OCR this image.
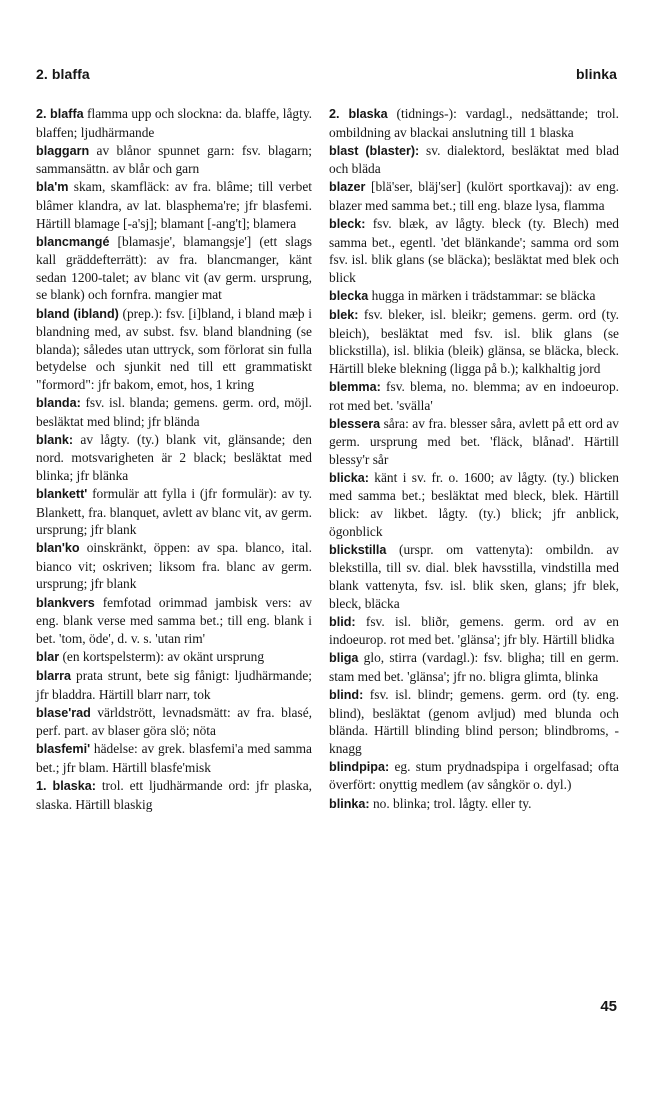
2. blaffa	blinka

2. blaffa flamma upp och slockna: da. blaffe, lågty. blaffen; ljudhärmande

blaggarn av blånor spunnet garn: fsv. blagarn; sammansättn. av blår och garn

bla'm skam, skamfläck: av fra. blâme; till verbet blâmer klandra, av lat. blasphema're; jfr blasfemi. Härtill blamage [-a'sj]; blamant [-ang't]; blamera

blancmangé [blamasje', blamangsje'] (ett slags kall gräddefterrätt): av fra. blancmanger, känt sedan 1200-talet; av blanc vit (av germ. ursprung, se blank) och fornfra. mangier mat

bland (ibland) (prep.): fsv. [i]bland, i bland mæþ i blandning med, av subst. fsv. bland blandning (se blanda); således utan uttryck, som förlorat sin fulla betydelse och sjunkit ned till ett grammatiskt "formord": jfr bakom, emot, hos, 1 kring

blanda: fsv. isl. blanda; gemens. germ. ord, möjl. besläktat med blind; jfr blända

blank: av lågty. (ty.) blank vit, glänsande; den nord. motsvarigheten är 2 black; besläktat med blinka; jfr blänka

blankett' formulär att fylla i (jfr formulär): av ty. Blankett, fra. blanquet, avlett av blanc vit, av germ. ursprung; jfr blank

blan'ko oinskränkt, öppen: av spa. blanco, ital. bianco vit; oskriven; liksom fra. blanc av germ. ursprung; jfr blank

blankvers femfotad orimmad jambisk vers: av eng. blank verse med samma bet.; till eng. blank i bet. 'tom, öde', d. v. s. 'utan rim'

blar (en kortspelsterm): av okänt ursprung

blarra prata strunt, bete sig fånigt: ljudhärmande; jfr bladdra. Härtill blarr narr, tok

blase'rad världstrött, levnadsmätt: av fra. blasé, perf. part. av blaser göra slö; nöta

blasfemi' hädelse: av grek. blasfemi'a med samma bet.; jfr blam. Härtill blasfe'misk

1. blaska: trol. ett ljudhärmande ord: jfr plaska, slaska. Härtill blaskig

2. blaska (tidnings-): vardagl., nedsättande; trol. ombildning av blackai anslutning till 1 blaska

blast (blaster): sv. dialektord, besläktat med blad och bläda

blazer [blä'ser, bläj'ser] (kulört sportkavaj): av eng. blazer med samma bet.; till eng. blaze lysa, flamma

bleck: fsv. blæk, av lågty. bleck (ty. Blech) med samma bet., egentl. 'det blänkande'; samma ord som fsv. isl. blik glans (se bläcka); besläktat med blek och blick

blecka hugga in märken i trädstammar: se bläcka

blek: fsv. bleker, isl. bleikr; gemens. germ. ord (ty. bleich), besläktat med fsv. isl. blik glans (se blickstilla), isl. blikia (bleik) glänsa, se bläcka, bleck. Härtill bleke blekning (ligga på b.); kalkhaltig jord

blemma: fsv. blema, no. blemma; av en indoeurop. rot med bet. 'svälla'

blessera såra: av fra. blesser såra, avlett på ett ord av germ. ursprung med bet. 'fläck, blånad'. Härtill blessy'r sår

blicka: känt i sv. fr. o. 1600; av lågty. (ty.) blicken med samma bet.; besläktat med bleck, blek. Härtill blick: av likbet. lågty. (ty.) blick; jfr anblick, ögonblick

blickstilla (urspr. om vattenyta): ombildn. av blekstilla, till sv. dial. blek havsstilla, vindstilla med blank vattenyta, fsv. isl. blik sken, glans; jfr blek, bleck, bläcka

blid: fsv. isl. bliðr, gemens. germ. ord av en indoeurop. rot med bet. 'glänsa'; jfr bly. Härtill blidka

bliga glo, stirra (vardagl.): fsv. bligha; till en germ. stam med bet. 'glänsa'; jfr no. bligra glimta, blinka

blind: fsv. isl. blindr; gemens. germ. ord (ty. eng. blind), besläktat (genom avljud) med blunda och blända. Härtill blinding blind person; blindbroms, -knagg

blindpipa: eg. stum prydnadspipa i orgelfasad; ofta överfört: onyttig medlem (av sångkör o. dyl.)

blinka: no. blinka; trol. lågty. eller ty.

45
